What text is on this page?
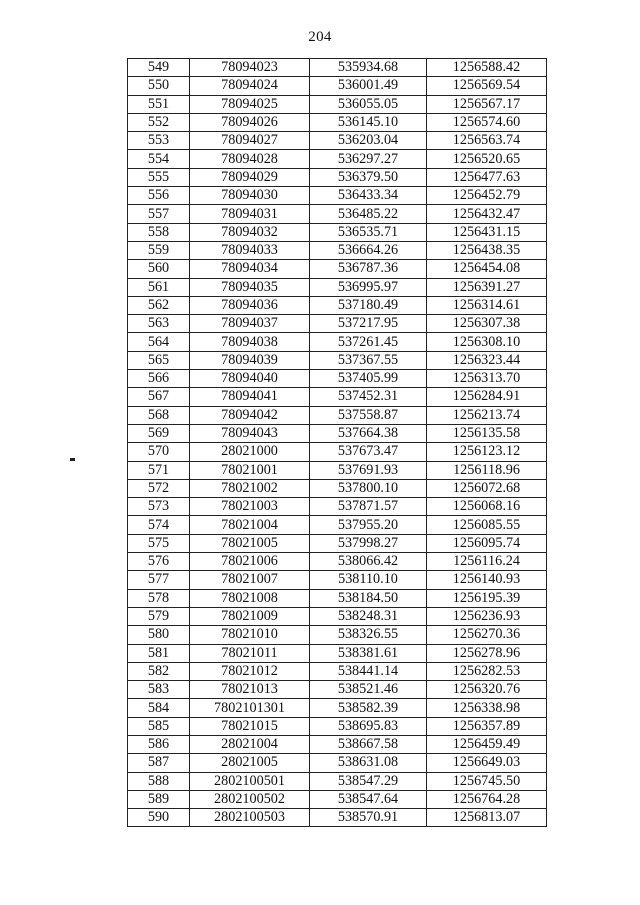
204
549	78094023	535934.68	1256588.42
550	78094024	536001.49	1256569.54
551	78094025	536055.05	1256567.17
552	78094026	536145.10	1256574.60
553	78094027	536203.04	1256563.74
554	78094028	536297.27	1256520.65
555	78094029	536379.50	1256477.63
556	78094030	536433.34	1256452.79
557	78094031	536485.22	1256432.47
558	78094032	536535.71	1256431.15
559	78094033	536664.26	1256438.35
560	78094034	536787.36	1256454.08
561	78094035	536995.97	1256391.27
562	78094036	537180.49	1256314.61
563	78094037	537217.95	1256307.38
564	78094038	537261.45	1256308.10
565	78094039	537367.55	1256323.44
566	78094040	537405.99	1256313.70
567	78094041	537452.31	1256284.91
568	78094042	537558.87	1256213.74
569	78094043	537664.38	1256135.58
570	28021000	537673.47	1256123.12
571	78021001	537691.93	1256118.96
572	78021002	537800.10	1256072.68
573	78021003	537871.57	1256068.16
574	78021004	537955.20	1256085.55
575	78021005	537998.27	1256095.74
576	78021006	538066.42	1256116.24
577	78021007	538110.10	1256140.93
578	78021008	538184.50	1256195.39
579	78021009	538248.31	1256236.93
580	78021010	538326.55	1256270.36
581	78021011	538381.61	1256278.96
582	78021012	538441.14	1256282.53
583	78021013	538521.46	1256320.76
584	7802101301	538582.39	1256338.98
585	78021015	538695.83	1256357.89
586	28021004	538667.58	1256459.49
587	28021005	538631.08	1256649.03
588	2802100501	538547.29	1256745.50
589	2802100502	538547.64	1256764.28
590	2802100503	538570.91	1256813.07
